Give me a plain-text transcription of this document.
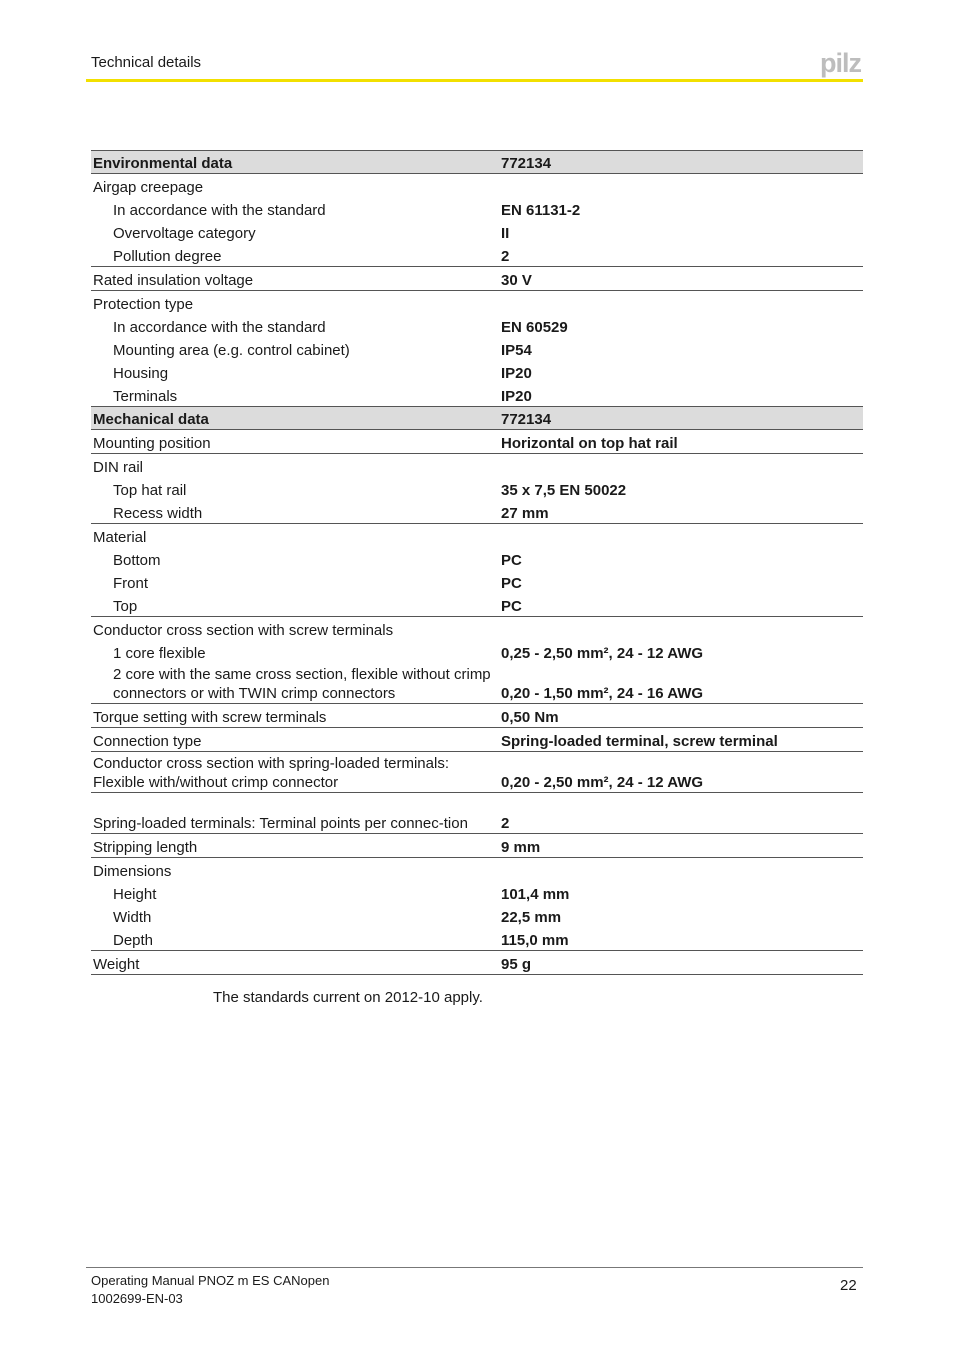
Technical details	pilz
Environmental data	772134
Airgap creepage	
In accordance with the standard	EN 61131-2
Overvoltage category	II
Pollution degree	2
Rated insulation voltage	30 V
Protection type	
In accordance with the standard	EN 60529
Mounting area (e.g. control cabinet)	IP54
Housing	IP20
Terminals	IP20
Mechanical data	772134
Mounting position	Horizontal on top hat rail
DIN rail	
Top hat rail	35 x 7,5 EN 50022
Recess width	27 mm
Material	
Bottom	PC
Front	PC
Top	PC
Conductor cross section with screw terminals	
1 core flexible	0,25 - 2,50 mm², 24 - 12 AWG
2 core with the same cross section, flexible without crimp connectors or with TWIN crimp connectors	0,20 - 1,50 mm², 24 - 16 AWG
Torque setting with screw terminals	0,50 Nm
Connection type	Spring-loaded terminal, screw terminal
Conductor cross section with spring-loaded terminals: Flexible with/without crimp connector	0,20 - 2,50 mm², 24 - 12 AWG
Spring-loaded terminals: Terminal points per connec-tion	2
Stripping length	9 mm
Dimensions	
Height	101,4 mm
Width	22,5 mm
Depth	115,0 mm
Weight	95 g
The standards current on 2012-10 apply.
Operating Manual PNOZ m ES CANopen
1002699-EN-03
22
